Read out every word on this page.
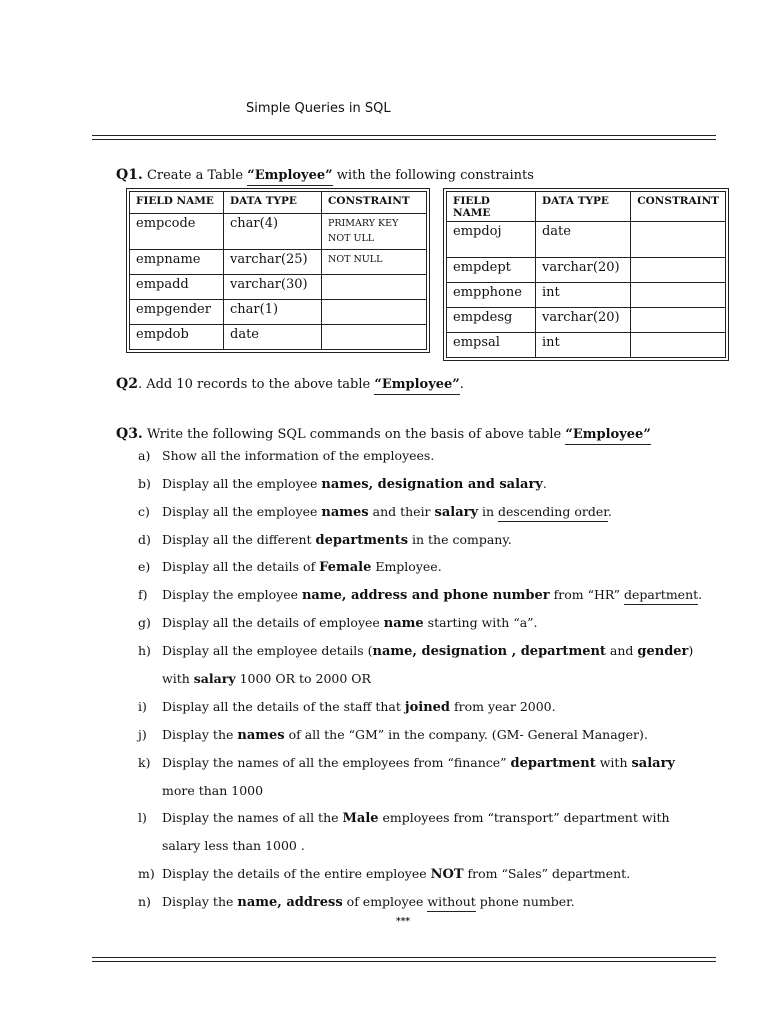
Simple Queries in SQL
Q1. Create a Table “Employee” with the following constraints
FIELD NAME	DATA TYPE	CONSTRAINT
empcode	char(4)	PRIMARY KEY NOT ULL
empname	varchar(25)	NOT NULL
empadd	varchar(30)	
empgender	char(1)	
empdob	date	
FIELD NAME	DATA TYPE	CONSTRAINT
empdoj	date	
empdept	varchar(20)	
empphone	int	
empdesg	varchar(20)	
empsal	int	
Q2. Add 10 records to the above table “Employee”.
Q3. Write the following SQL commands on the basis of above table “Employee”
a) Show all the information of the employees.
b) Display all the employee names, designation and salary.
c) Display all the employee names and their salary in descending order.
d) Display all the different departments in the company.
e) Display all the details of Female Employee.
f) Display the employee name, address and phone number from “HR” department.
g) Display all the details of employee name starting with “a”.
h) Display all the employee details (name, designation , department and gender)
with salary 1000 OR to 2000 OR
i) Display all the details of the staff that joined from year 2000.
j) Display the names of all the “GM” in the company. (GM- General Manager).
k) Display the names of all the employees from “finance” department with salary
more than 1000
l) Display the names of all the Male employees from “transport” department with
salary less than 1000 .
m) Display the details of the entire employee NOT from “Sales” department.
n) Display the name, address of employee without phone number.
***
